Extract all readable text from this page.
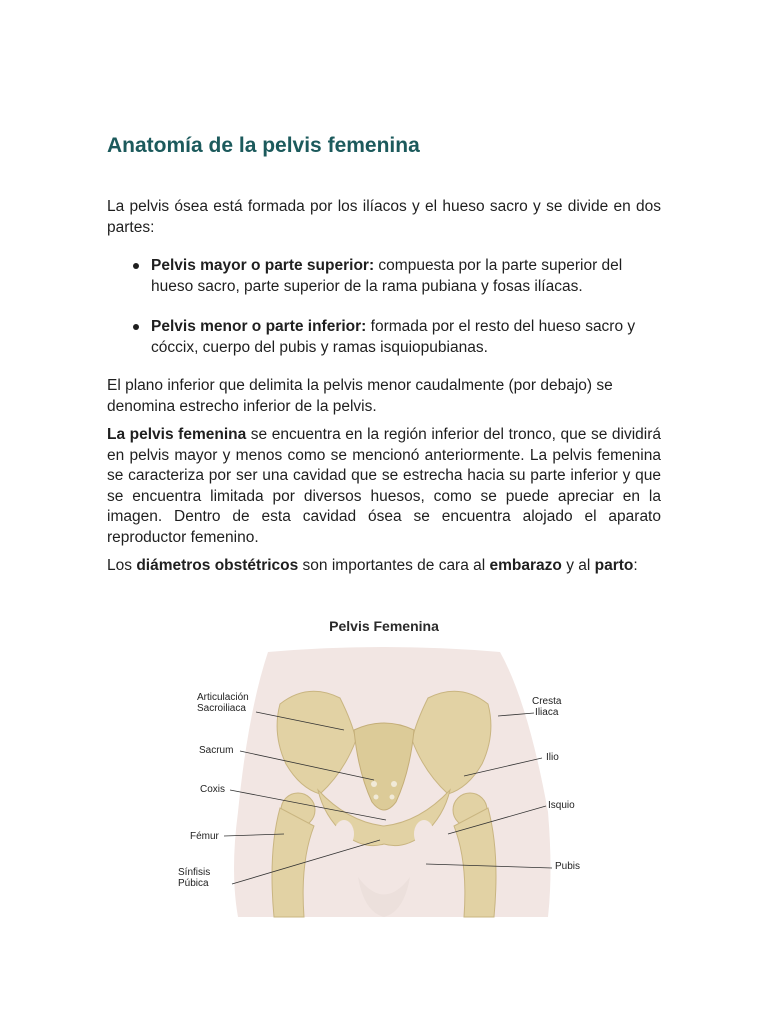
Anatomía de la pelvis femenina

La pelvis ósea está formada por los ilíacos y el hueso sacro y se divide en dos partes:

Pelvis mayor o parte superior: compuesta por la parte superior del hueso sacro, parte superior de la rama pubiana y fosas ilíacas.
Pelvis menor o parte inferior: formada por el resto del hueso sacro y cóccix, cuerpo del pubis y ramas isquiopubianas.

El plano inferior que delimita la pelvis menor caudalmente (por debajo) se denomina estrecho inferior de la pelvis.

La pelvis femenina se encuentra en la región inferior del tronco, que se dividirá en pelvis mayor y menos como se mencionó anteriormente. La pelvis femenina se caracteriza por ser una cavidad que se estrecha hacia su parte inferior y que se encuentra limitada por diversos huesos, como se puede apreciar en la imagen. Dentro de esta cavidad ósea se encuentra alojado el aparato reproductor femenino.

Los diámetros obstétricos son importantes de cara al embarazo y al parto:

Pelvis Femenina
Articulación
Sacroiliaca
Sacrum
Coxis
Fémur
Sínfisis
Púbica
Cresta
Iliaca
Ilio
Isquio
Pubis
